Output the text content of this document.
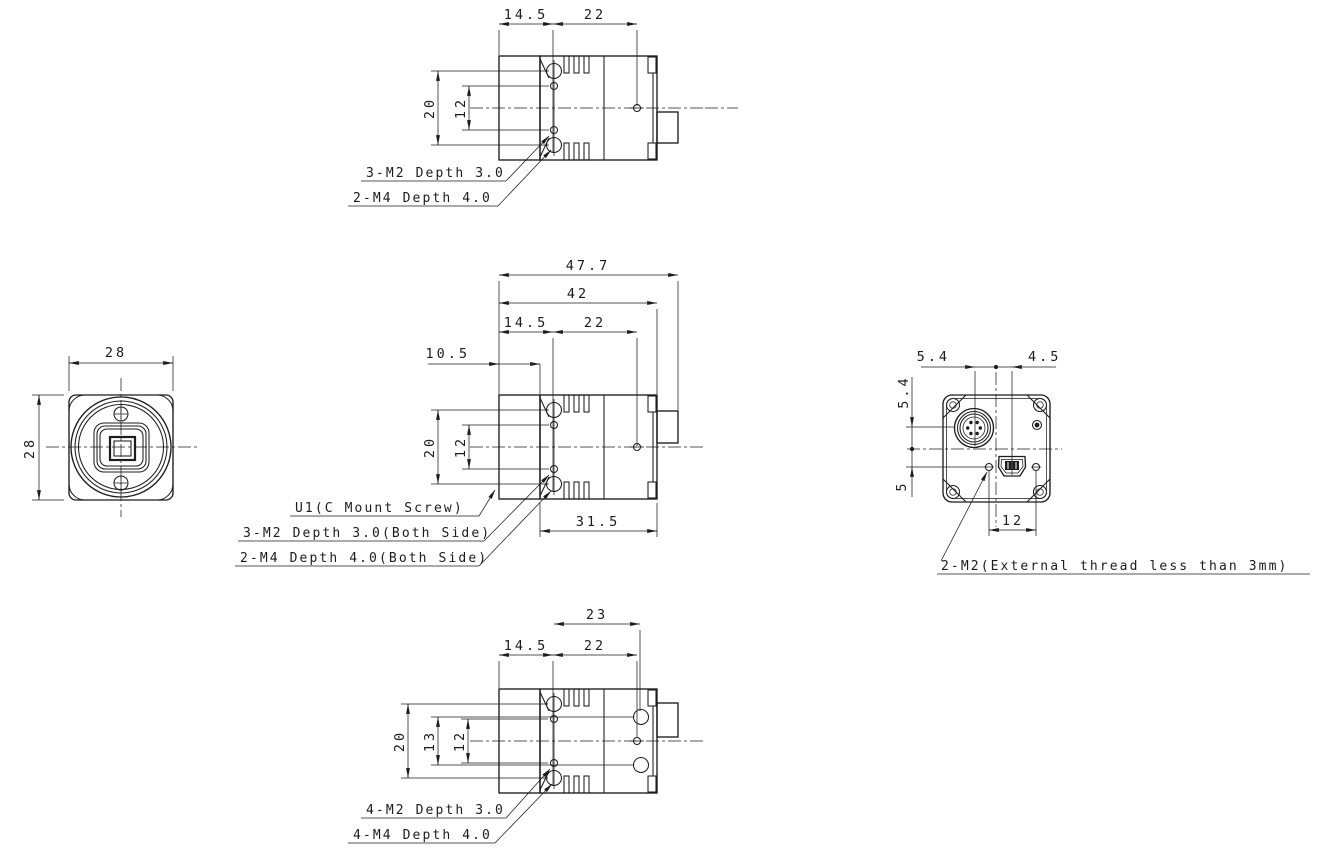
14.5	22
20 12
3-M2 Depth 3.0
2-M4 Depth 4.0
47.7
42
14.5	22
10.5
20 12
31.5
U1(C Mount Screw)
3-M2 Depth 3.0(Both Side)
2-M4 Depth 4.0(Both Side)
23
14.5	22
20 13 12
4-M2 Depth 3.0
4-M4 Depth 4.0
28
28
5.4	4.5
5.4
5
12
2-M2(External thread less than 3mm)
